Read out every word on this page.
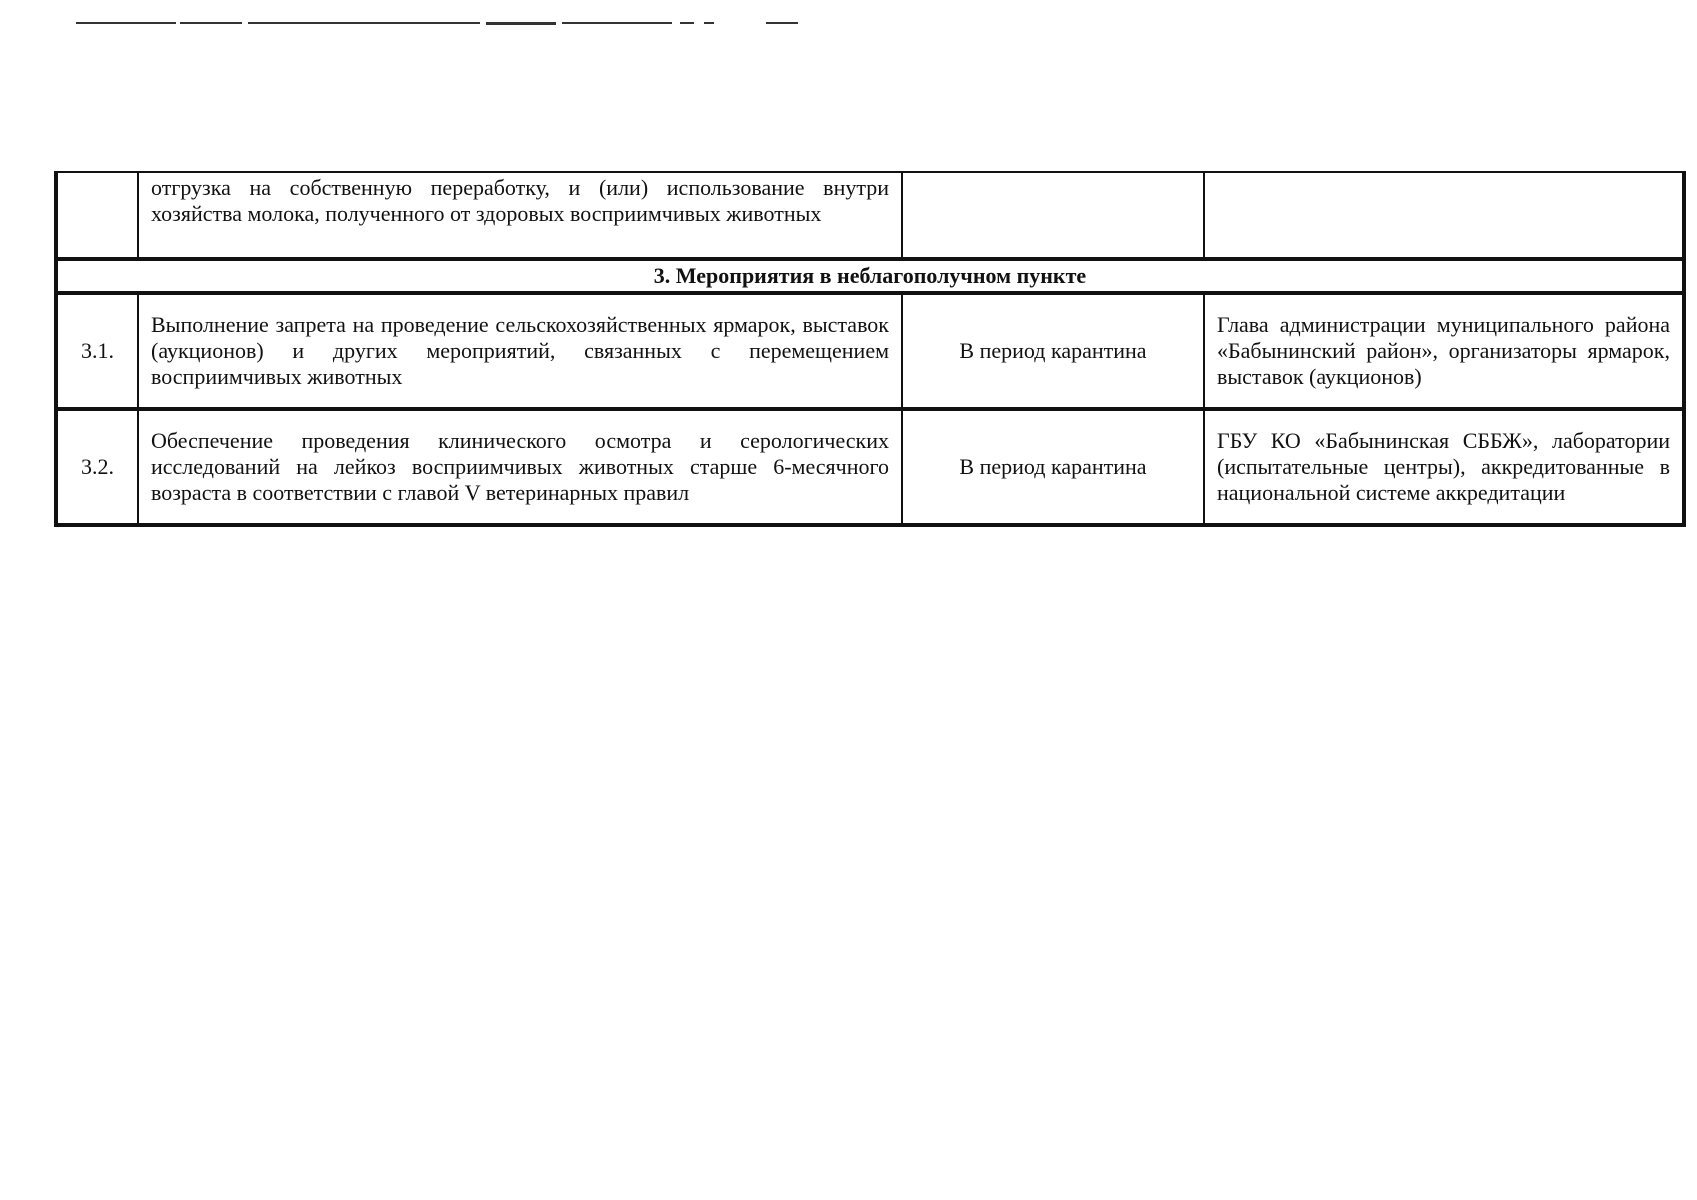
	отгрузка на собственную переработку, и (или) использование внутри хозяйства молока, полученного от здоровых восприимчивых животных		
3. Мероприятия в неблагополучном пункте			
3.1.	Выполнение запрета на проведение сельскохозяйственных ярмарок, выставок (аукционов) и других мероприятий, связанных с перемещением восприимчивых животных	В период карантина	Глава администрации муниципального района «Бабынинский район», организаторы ярмарок, выставок (аукционов)
3.2.	Обеспечение проведения клинического осмотра и серологических исследований на лейкоз восприимчивых животных старше 6-месячного возраста в соответствии с главой V ветеринарных правил	В период карантина	ГБУ КО «Бабынинская СББЖ», лаборатории (испытательные центры), аккредитованные в национальной системе аккредитации
